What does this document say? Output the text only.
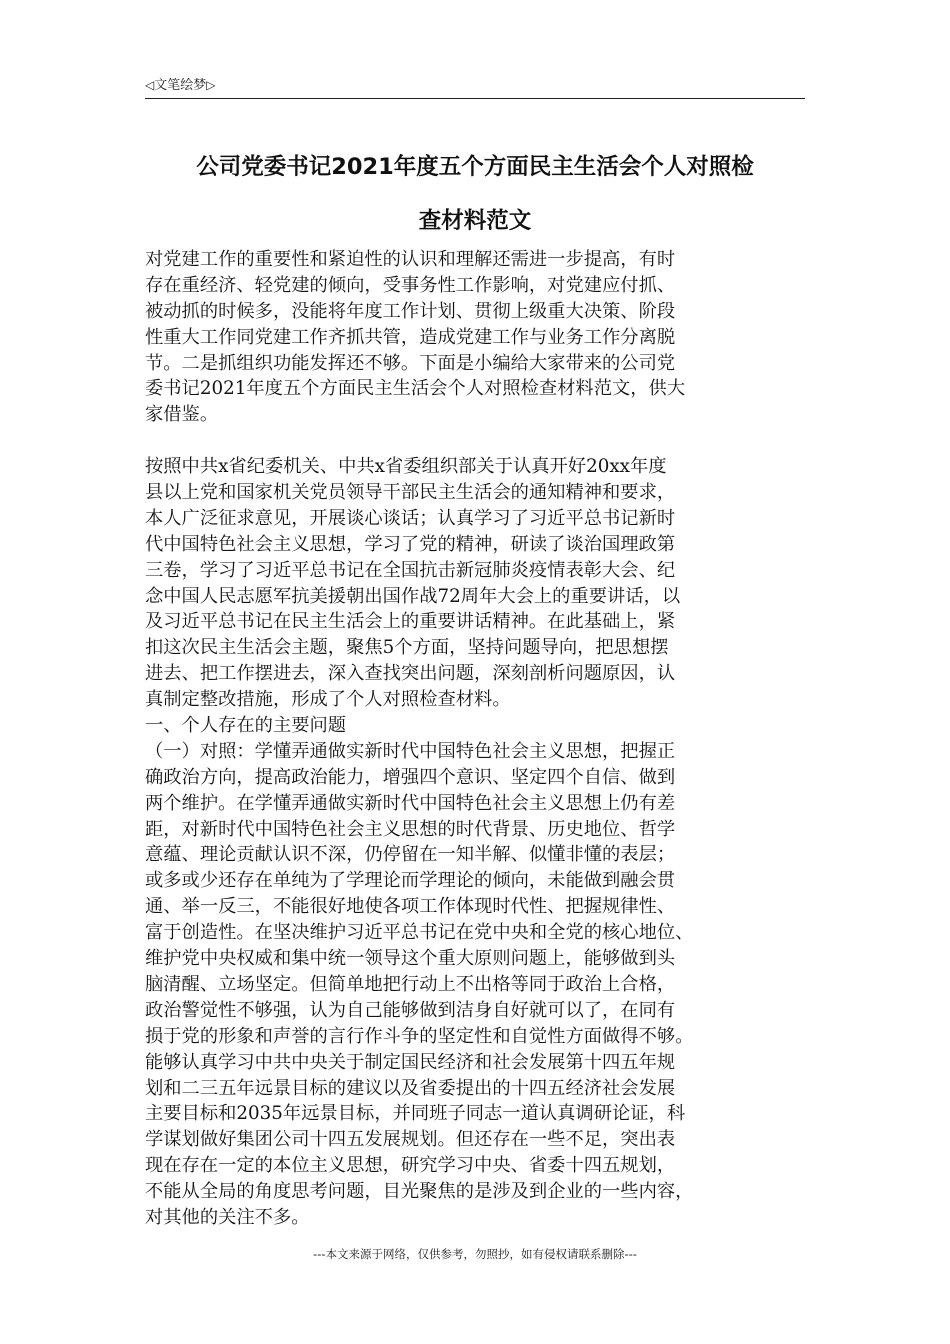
◁文笔绘梦▷
公司党委书记2021年度五个方面民主生活会个人对照检
查材料范文
对党建工作的重要性和紧迫性的认识和理解还需进一步提高，有时
存在重经济、轻党建的倾向，受事务性工作影响，对党建应付抓、
被动抓的时候多，没能将年度工作计划、贯彻上级重大决策、阶段
性重大工作同党建工作齐抓共管，造成党建工作与业务工作分离脱
节。二是抓组织功能发挥还不够。下面是小编给大家带来的公司党
委书记2021年度五个方面民主生活会个人对照检查材料范文，供大
家借鉴。
按照中共x省纪委机关、中共x省委组织部关于认真开好20xx年度
县以上党和国家机关党员领导干部民主生活会的通知精神和要求，
本人广泛征求意见，开展谈心谈话；认真学习了习近平总书记新时
代中国特色社会主义思想，学习了党的精神，研读了谈治国理政第
三卷，学习了习近平总书记在全国抗击新冠肺炎疫情表彰大会、纪
念中国人民志愿军抗美援朝出国作战72周年大会上的重要讲话，以
及习近平总书记在民主生活会上的重要讲话精神。在此基础上，紧
扣这次民主生活会主题，聚焦5个方面，坚持问题导向，把思想摆
进去、把工作摆进去，深入查找突出问题，深刻剖析问题原因，认
真制定整改措施，形成了个人对照检查材料。
一、个人存在的主要问题
（一）对照：学懂弄通做实新时代中国特色社会主义思想，把握正
确政治方向，提高政治能力，增强四个意识、坚定四个自信、做到
两个维护。在学懂弄通做实新时代中国特色社会主义思想上仍有差
距，对新时代中国特色社会主义思想的时代背景、历史地位、哲学
意蕴、理论贡献认识不深，仍停留在一知半解、似懂非懂的表层；
或多或少还存在单纯为了学理论而学理论的倾向，未能做到融会贯
通、举一反三，不能很好地使各项工作体现时代性、把握规律性、
富于创造性。在坚决维护习近平总书记在党中央和全党的核心地位、
维护党中央权威和集中统一领导这个重大原则问题上，能够做到头
脑清醒、立场坚定。但简单地把行动上不出格等同于政治上合格，
政治警觉性不够强，认为自己能够做到洁身自好就可以了，在同有
损于党的形象和声誉的言行作斗争的坚定性和自觉性方面做得不够。
能够认真学习中共中央关于制定国民经济和社会发展第十四五年规
划和二三五年远景目标的建议以及省委提出的十四五经济社会发展
主要目标和2035年远景目标，并同班子同志一道认真调研论证，科
学谋划做好集团公司十四五发展规划。但还存在一些不足，突出表
现在存在一定的本位主义思想，研究学习中央、省委十四五规划，
不能从全局的角度思考问题，目光聚焦的是涉及到企业的一些内容，
对其他的关注不多。
---本文来源于网络，仅供参考，勿照抄，如有侵权请联系删除---
